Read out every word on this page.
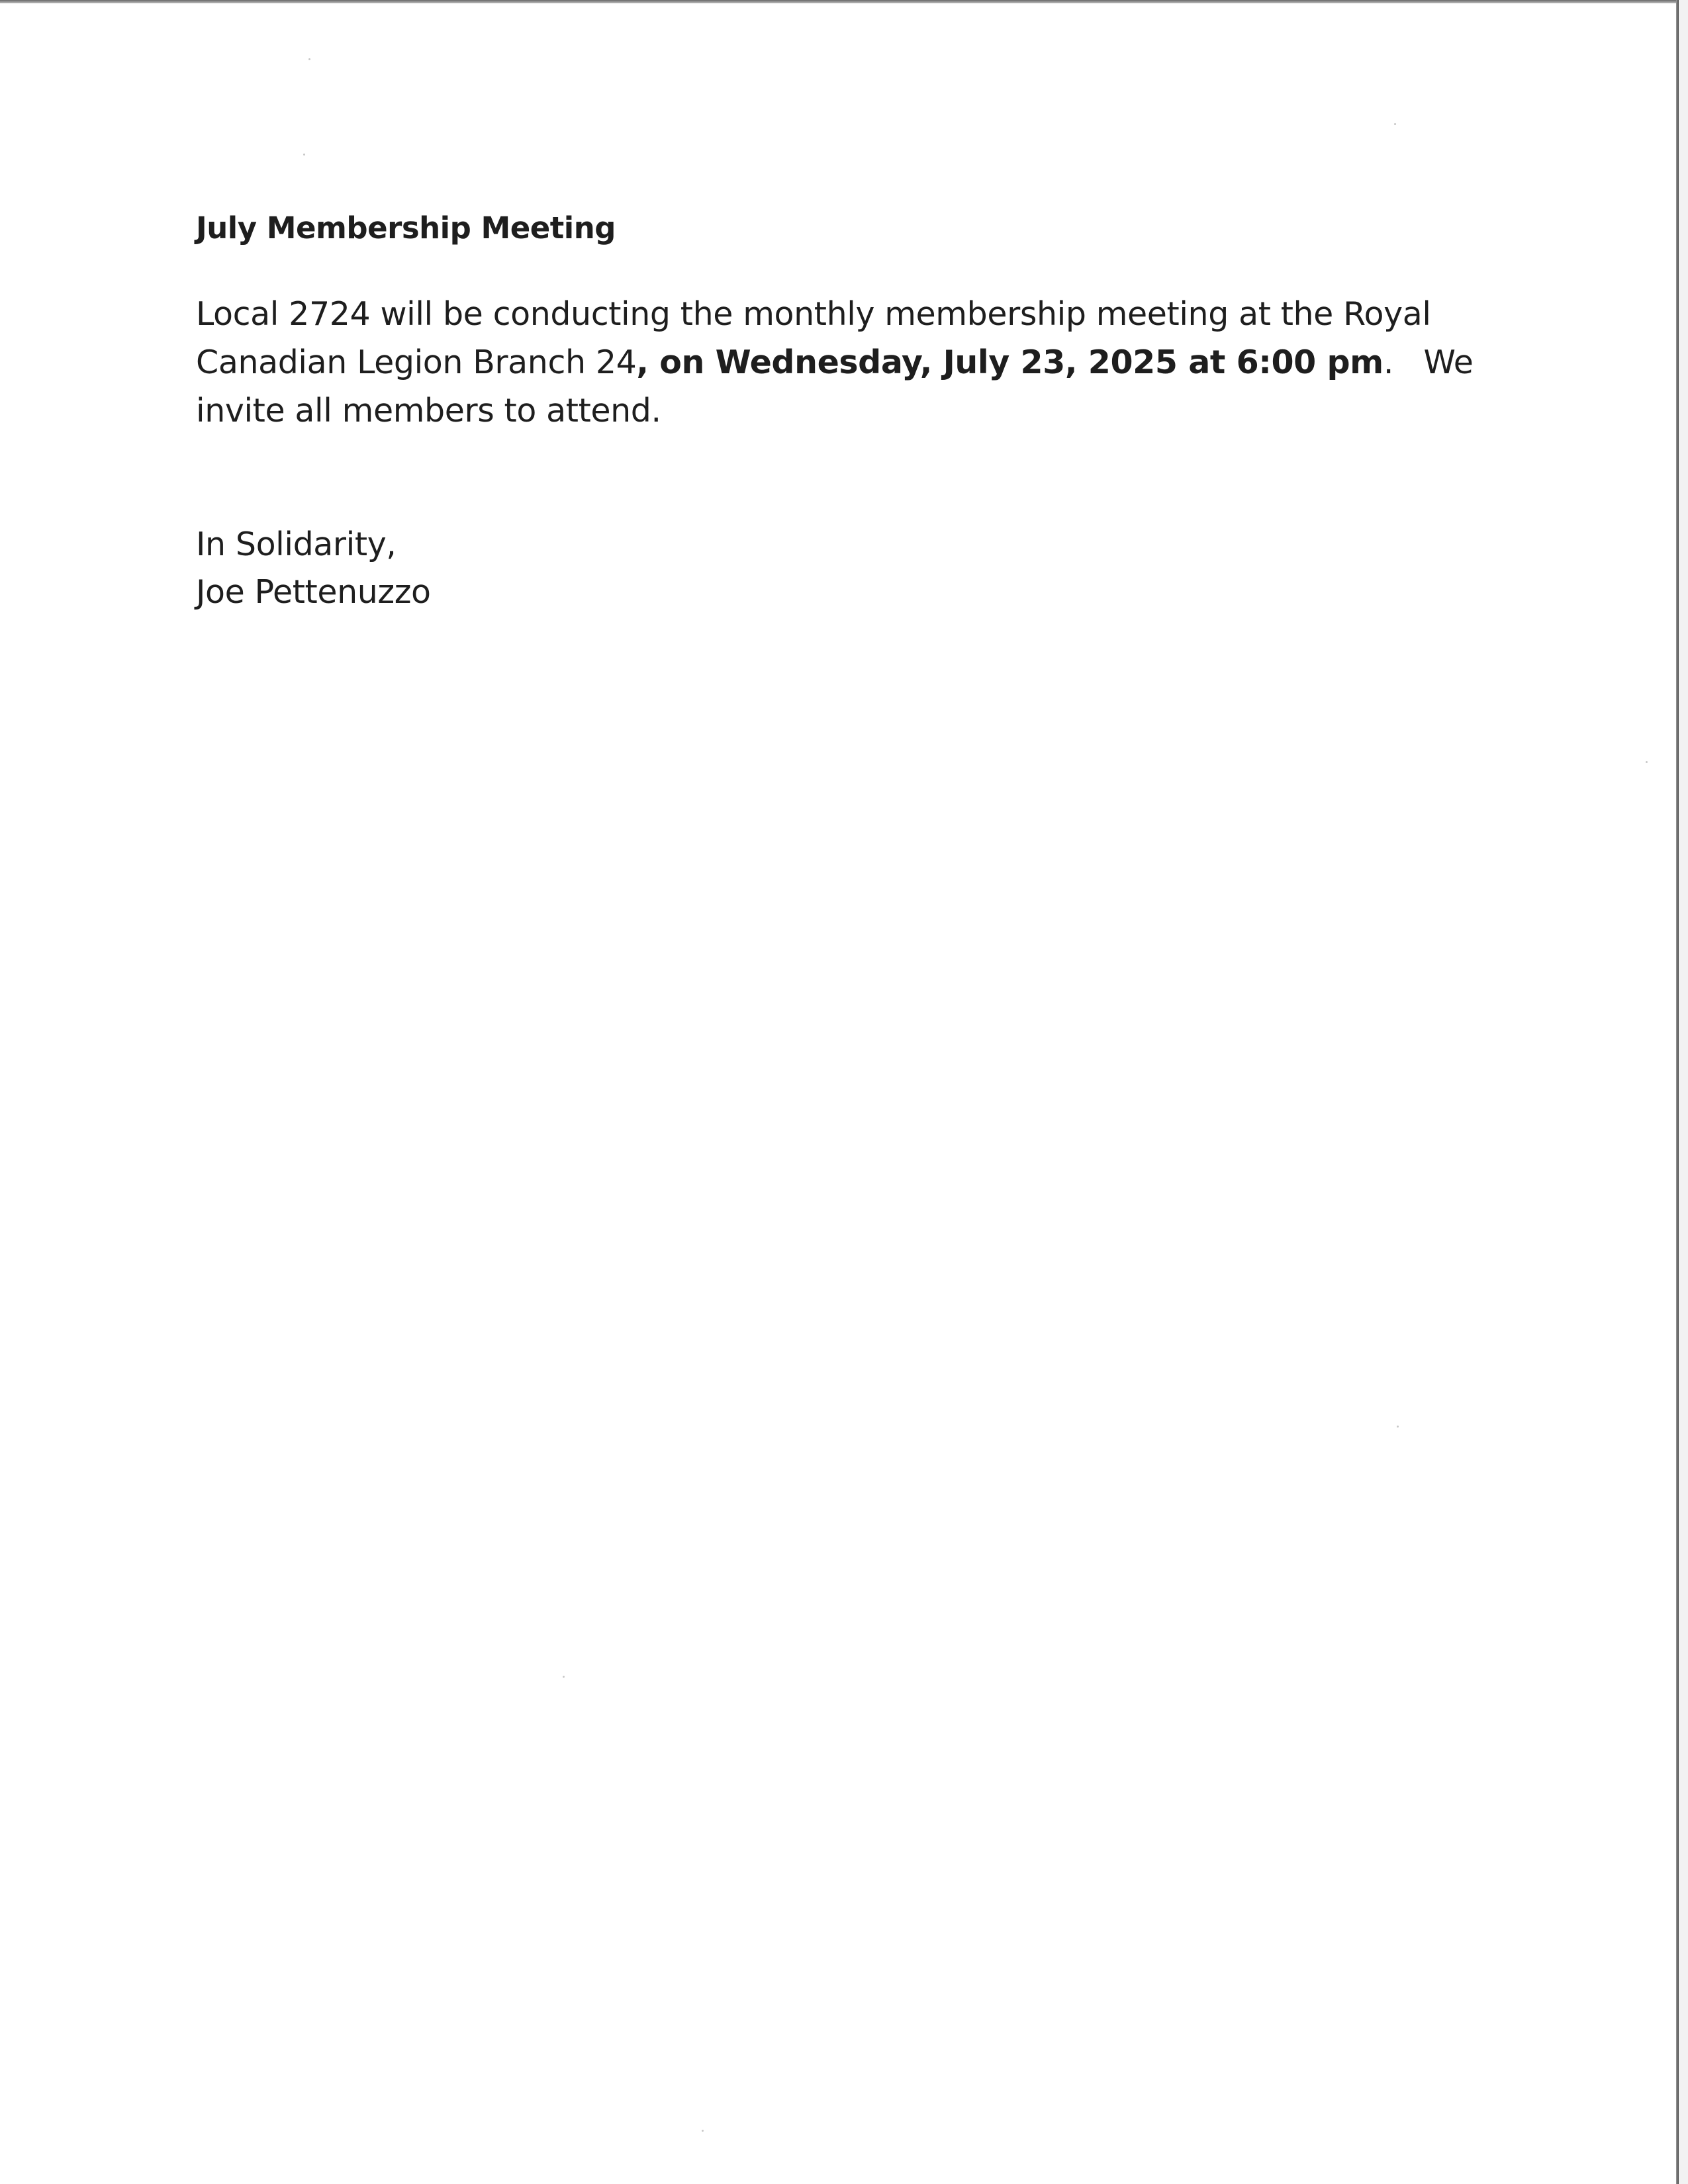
July Membership Meeting

Local 2724 will be conducting the monthly membership meeting at the Royal Canadian Legion Branch 24, on Wednesday, July 23, 2025 at 6:00 pm.   We invite all members to attend.

In Solidarity,
Joe Pettenuzzo
